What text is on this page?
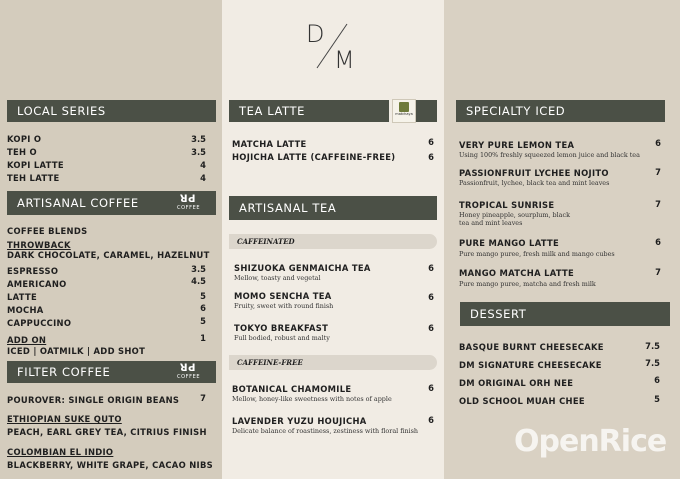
D
M
LOCAL SERIES
KOPI O	3.5
TEH O	3.5
KOPI LATTE	4
TEH LATTE	4
ARTISANAL COFFEE	ꓤꓒ
COFFEE
COFFEE BLENDS
THROWBACK
DARK CHOCOLATE, CARAMEL, HAZELNUT
ESPRESSO	3.5
AMERICANO	4.5
LATTE	5
MOCHA	6
CAPPUCCINO	5
ADD ON	1
ICED | OATMILK | ADD SHOT
FILTER COFFEE	ꓤꓒ
COFFEE
POUROVER: SINGLE ORIGIN BEANS	7
ETHIOPIAN SUKE QUTO
PEACH, EARL GREY TEA, CITRIUS FINISH
COLOMBIAN EL INDIO
BLACKBERRY, WHITE GRAPE, CACAO NIBS
TEA LATTE	matchaya
MATCHA LATTE	6
HOJICHA LATTE (CAFFEINE-FREE)	6
ARTISANAL TEA
CAFFEINATED
SHIZUOKA GENMAICHA TEA	6
Mellow, toasty and vegetal
MOMO SENCHA TEA	6
Fruity, sweet with round finish
TOKYO BREAKFAST	6
Full bodied, robust and malty
CAFFEINE-FREE
BOTANICAL CHAMOMILE	6
Mellow, honey-like sweetness with notes of apple
LAVENDER YUZU HOUJICHA	6
Delicate balance of roastiness, zestiness with floral finish
SPECIALTY ICED
VERY PURE LEMON TEA	6
Using 100% freshly squeezed lemon juice and black tea
PASSIONFRUIT LYCHEE NOJITO	7
Passionfruit, lychee, black tea and mint leaves
TROPICAL SUNRISE	7
Honey pineapple, sourplum, black tea and mint leaves
PURE MANGO LATTE	6
Pure mango puree, fresh milk and mango cubes
MANGO MATCHA LATTE	7
Pure mango puree, matcha and fresh milk
DESSERT
BASQUE BURNT CHEESECAKE	7.5
DM SIGNATURE CHEESECAKE	7.5
DM ORIGINAL ORH NEE	6
OLD SCHOOL MUAH CHEE	5
OpenRice
